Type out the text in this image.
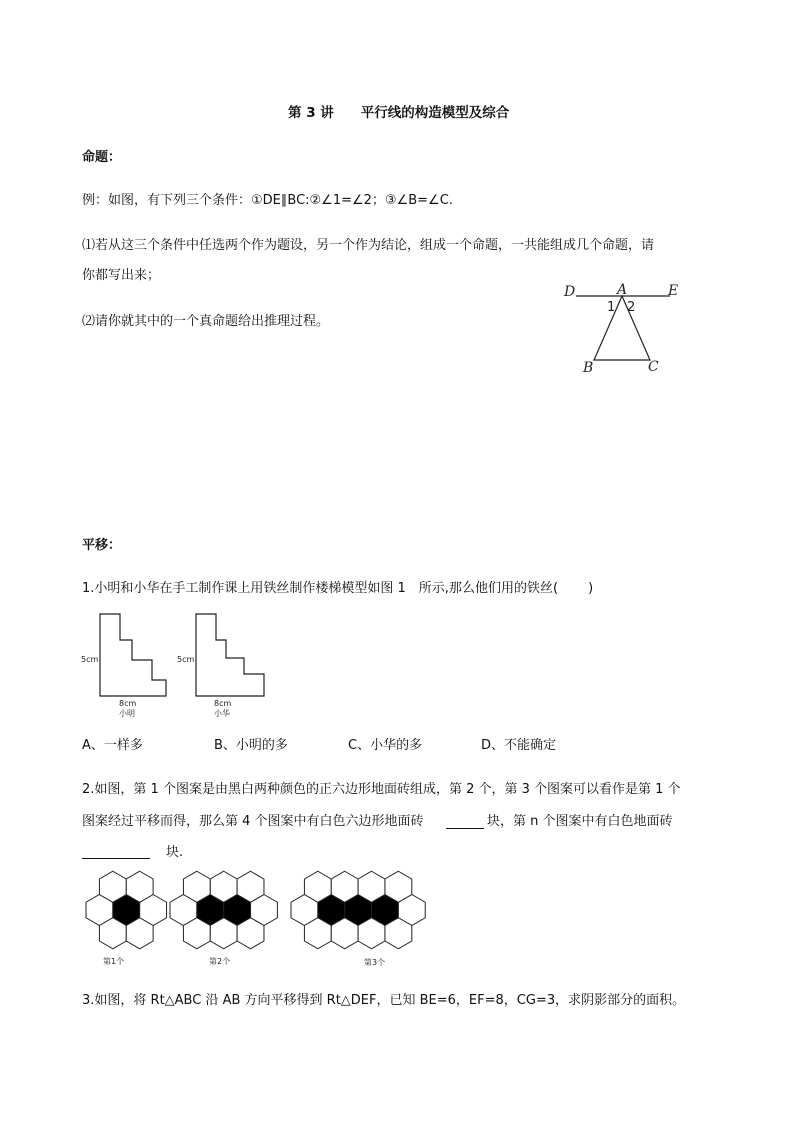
第 3 讲　　平行线的构造模型及综合
命题：
例：如图，有下列三个条件：①DE∥BC:②∠1=∠2；③∠B=∠C.
⑴若从这三个条件中任选两个作为题设，另一个作为结论，组成一个命题，一共能组成几个命题，请
你都写出来；
⑵请你就其中的一个真命题给出推理过程。
D	A	E
1 2
B	C
平移：
1.小明和小华在手工制作课上用铁丝制作楼梯模型如图 1　所示,那么他们用的铁丝(　　 )
5cm
8cm
小明
5cm
8cm
小华
A、一样多	B、小明的多	C、小华的多	D、不能确定
2.如图，第 1 个图案是由黑白两种颜色的正六边形地面砖组成，第 2 个，第 3 个图案可以看作是第 1 个
图案经过平移而得，那么第 4 个图案中有白色六边形地面砖	块，第 n 个图案中有白色地面砖
块.
第1个	第2个	第3个
3.如图，将 Rt△ABC 沿 AB 方向平移得到 Rt△DEF，已知 BE=6，EF=8，CG=3，求阴影部分的面积。
